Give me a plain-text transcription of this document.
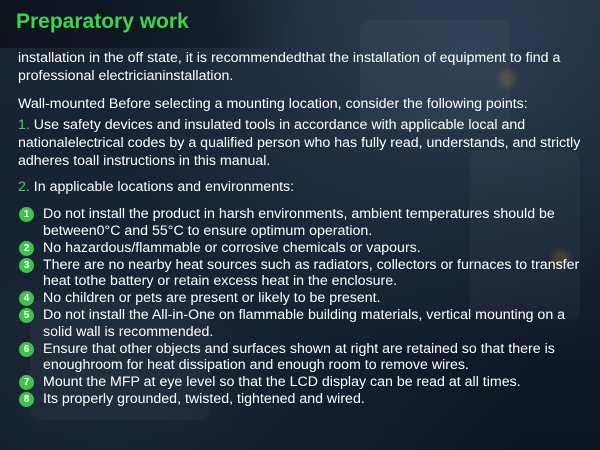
Preparatory work

installation in the off state, it is recommendedthat the installation of equipment to find a professional electricianinstallation.

Wall-mounted Before selecting a mounting location, consider the following points:

1. Use safety devices and insulated tools in accordance with applicable local and nationalelectrical codes by a qualified person who has fully read, understands, and strictly adheres toall instructions in this manual.

2. In applicable locations and environments:

1 Do not install the product in harsh environments, ambient temperatures should be between0°C and 55°C to ensure optimum operation.
2 No hazardous/flammable or corrosive chemicals or vapours.
3 There are no nearby heat sources such as radiators, collectors or furnaces to transfer heat tothe battery or retain excess heat in the enclosure.
4 No children or pets are present or likely to be present.
5 Do not install the All-in-One on flammable building materials, vertical mounting on a solid wall is recommended.
6 Ensure that other objects and surfaces shown at right are retained so that there is enoughroom for heat dissipation and enough room to remove wires.
7 Mount the MFP at eye level so that the LCD display can be read at all times.
8 Its properly grounded, twisted, tightened and wired.
